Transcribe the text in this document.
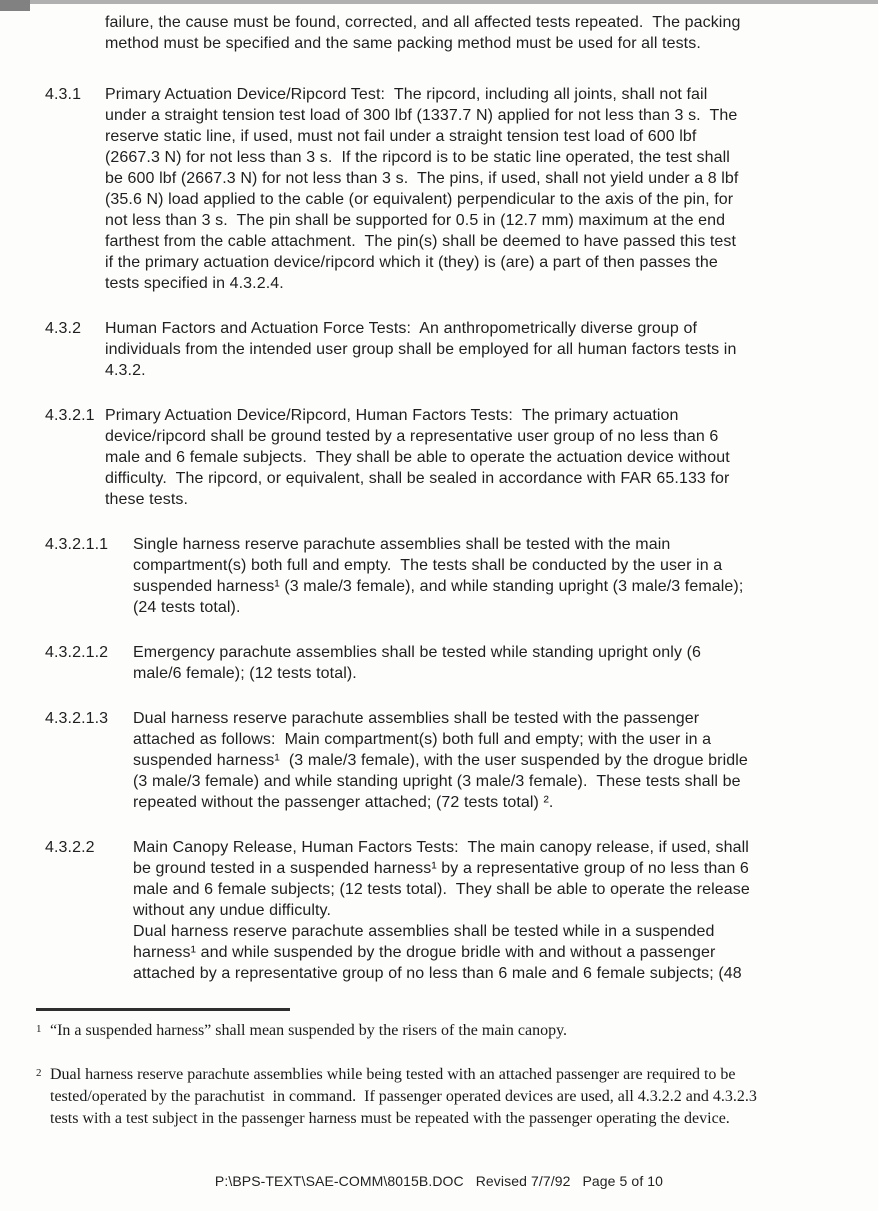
failure, the cause must be found, corrected, and all affected tests repeated.  The packing
method must be specified and the same packing method must be used for all tests.
4.3.1	Primary Actuation Device/Ripcord Test:  The ripcord, including all joints, shall not fail
under a straight tension test load of 300 lbf (1337.7 N) applied for not less than 3 s.  The
reserve static line, if used, must not fail under a straight tension test load of 600 lbf
(2667.3 N) for not less than 3 s.  If the ripcord is to be static line operated, the test shall
be 600 lbf (2667.3 N) for not less than 3 s.  The pins, if used, shall not yield under a 8 lbf
(35.6 N) load applied to the cable (or equivalent) perpendicular to the axis of the pin, for
not less than 3 s.  The pin shall be supported for 0.5 in (12.7 mm) maximum at the end
farthest from the cable attachment.  The pin(s) shall be deemed to have passed this test
if the primary actuation device/ripcord which it (they) is (are) a part of then passes the
tests specified in 4.3.2.4.
4.3.2	Human Factors and Actuation Force Tests:  An anthropometrically diverse group of
individuals from the intended user group shall be employed for all human factors tests in
4.3.2.
4.3.2.1 Primary Actuation Device/Ripcord, Human Factors Tests:  The primary actuation
device/ripcord shall be ground tested by a representative user group of no less than 6
male and 6 female subjects.  They shall be able to operate the actuation device without
difficulty.  The ripcord, or equivalent, shall be sealed in accordance with FAR 65.133 for
these tests.
4.3.2.1.1	Single harness reserve parachute assemblies shall be tested with the main
compartment(s) both full and empty.  The tests shall be conducted by the user in a
suspended harness¹ (3 male/3 female), and while standing upright (3 male/3 female);
(24 tests total).
4.3.2.1.2	Emergency parachute assemblies shall be tested while standing upright only (6
male/6 female); (12 tests total).
4.3.2.1.3	Dual harness reserve parachute assemblies shall be tested with the passenger
attached as follows:  Main compartment(s) both full and empty; with the user in a
suspended harness¹  (3 male/3 female), with the user suspended by the drogue bridle
(3 male/3 female) and while standing upright (3 male/3 female).  These tests shall be
repeated without the passenger attached; (72 tests total) ².
4.3.2.2	Main Canopy Release, Human Factors Tests:  The main canopy release, if used, shall
be ground tested in a suspended harness¹ by a representative group of no less than 6
male and 6 female subjects; (12 tests total).  They shall be able to operate the release
without any undue difficulty.
Dual harness reserve parachute assemblies shall be tested while in a suspended
harness¹ and while suspended by the drogue bridle with and without a passenger
attached by a representative group of no less than 6 male and 6 female subjects; (48
1 “In a suspended harness” shall mean suspended by the risers of the main canopy.
2 Dual harness reserve parachute assemblies while being tested with an attached passenger are required to be
tested/operated by the parachutist  in command.  If passenger operated devices are used, all 4.3.2.2 and 4.3.2.3
tests with a test subject in the passenger harness must be repeated with the passenger operating the device.
P:\BPS-TEXT\SAE-COMM\8015B.DOC   Revised 7/7/92   Page 5 of 10
